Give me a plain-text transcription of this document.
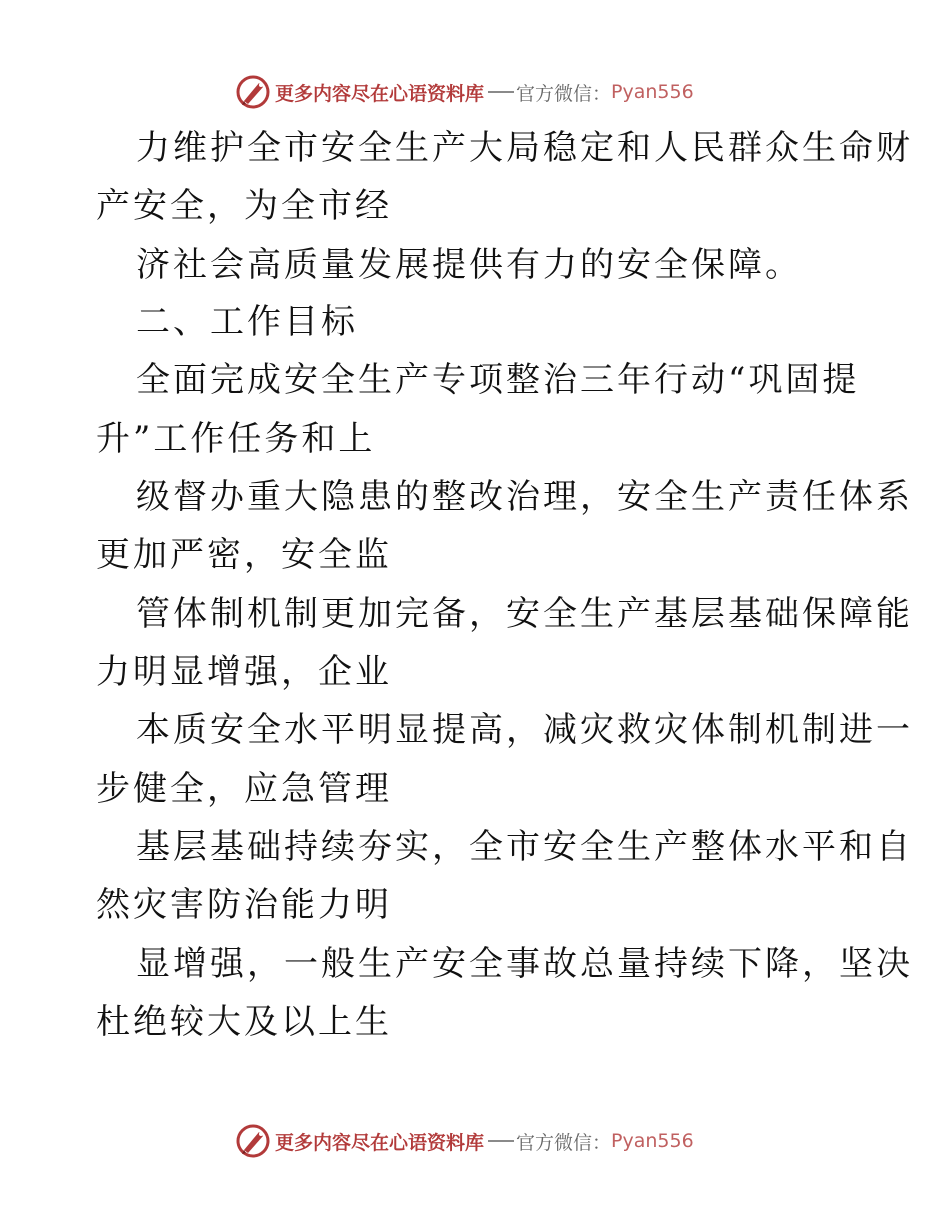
更多内容尽在心语资料库 官方微信： Pyan556
力维护全市安全生产大局稳定和人民群众生命财
产安全，为全市经
济社会高质量发展提供有力的安全保障。
二、工作目标
全面完成安全生产专项整治三年行动“巩固提
升”工作任务和上
级督办重大隐患的整改治理，安全生产责任体系
更加严密，安全监
管体制机制更加完备，安全生产基层基础保障能
力明显增强，企业
本质安全水平明显提高，减灾救灾体制机制进一
步健全，应急管理
基层基础持续夯实，全市安全生产整体水平和自
然灾害防治能力明
显增强，一般生产安全事故总量持续下降，坚决
杜绝较大及以上生
更多内容尽在心语资料库 官方微信： Pyan556
